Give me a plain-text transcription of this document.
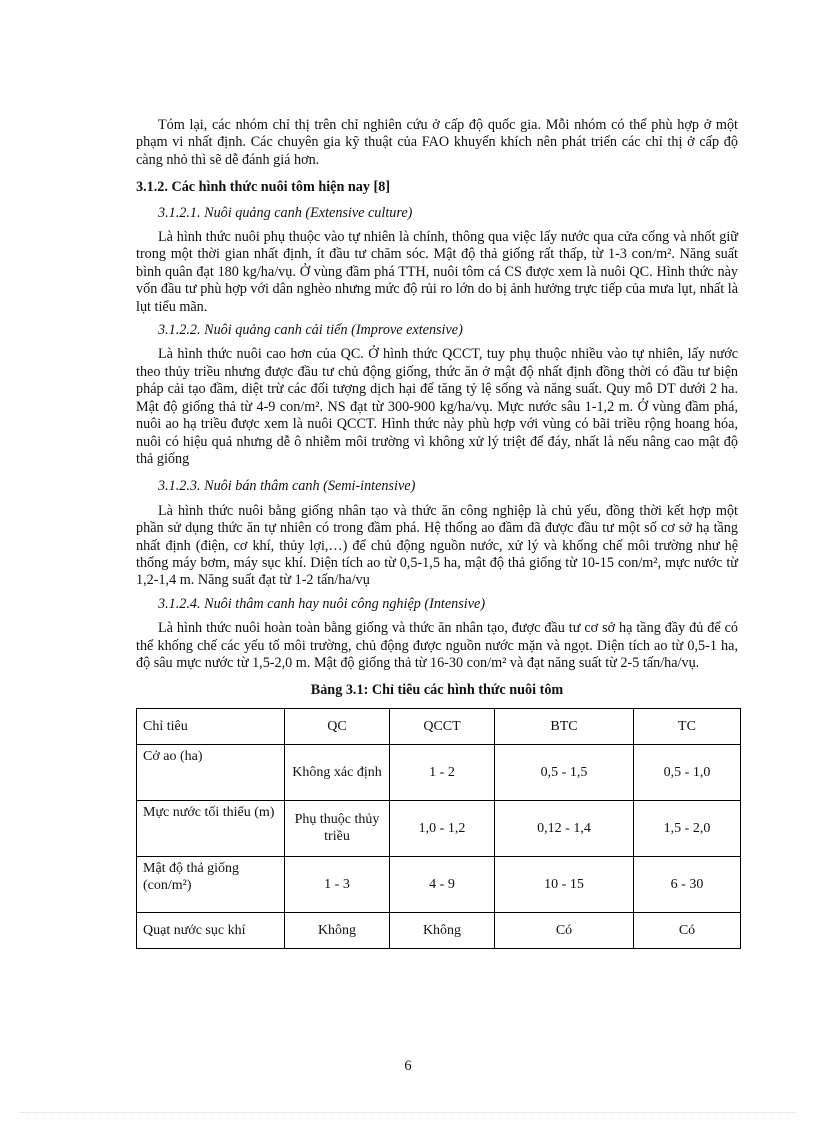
Tóm lại, các nhóm chỉ thị trên chỉ nghiên cứu ở cấp độ quốc gia. Mỗi nhóm có thể phù hợp ở một phạm vi nhất định. Các chuyên gia kỹ thuật của FAO khuyến khích nên phát triển các chỉ thị ở cấp độ càng nhỏ thì sẽ dễ đánh giá hơn.

3.1.2. Các hình thức nuôi tôm hiện nay [8]

3.1.2.1. Nuôi quảng canh (Extensive culture)

Là hình thức nuôi phụ thuộc vào tự nhiên là chính, thông qua việc lấy nước qua cửa cống và nhốt giữ trong một thời gian nhất định, ít đầu tư chăm sóc. Mật độ thả giống rất thấp, từ 1-3 con/m². Năng suất bình quân đạt 180 kg/ha/vụ. Ở vùng đầm phá TTH, nuôi tôm cá CS được xem là nuôi QC. Hình thức này vốn đầu tư phù hợp với dân nghèo nhưng mức độ rủi ro lớn do bị ảnh hưởng trực tiếp của mưa lụt, nhất là lụt tiểu mãn.

3.1.2.2. Nuôi quảng canh cải tiến (Improve extensive)

Là hình thức nuôi cao hơn của QC. Ở hình thức QCCT, tuy phụ thuộc nhiều vào tự nhiên, lấy nước theo thủy triều nhưng được đầu tư chủ động giống, thức ăn ở mật độ nhất định đồng thời có đầu tư biện pháp cải tạo đầm, diệt trừ các đối tượng dịch hại để tăng tỷ lệ sống và năng suất. Quy mô DT dưới 2 ha. Mật độ giống thả từ 4-9 con/m². NS đạt từ 300-900 kg/ha/vụ. Mực nước sâu 1-1,2 m. Ở vùng đầm phá, nuôi ao hạ triều được xem là nuôi QCCT. Hình thức này phù hợp với vùng có bãi triều rộng hoang hóa, nuôi có hiệu quả nhưng dễ ô nhiễm môi trường vì không xử lý triệt để đáy, nhất là nếu nâng cao mật độ thả giống

3.1.2.3. Nuôi bán thâm canh (Semi-intensive)

Là hình thức nuôi bằng giống nhân tạo và thức ăn công nghiệp là chủ yếu, đồng thời kết hợp một phần sử dụng thức ăn tự nhiên có trong đầm phá. Hệ thống ao đầm đã được đầu tư một số cơ sở hạ tầng nhất định (điện, cơ khí, thủy lợi,…) để chủ động nguồn nước, xử lý và khống chế môi trường như hệ thống máy bơm, máy sục khí. Diện tích ao từ 0,5-1,5 ha, mật độ thả giống từ 10-15 con/m², mực nước từ 1,2-1,4 m. Năng suất đạt từ 1-2 tấn/ha/vụ

3.1.2.4. Nuôi thâm canh hay nuôi công nghiệp (Intensive)

Là hình thức nuôi hoàn toàn bằng giống và thức ăn nhân tạo, được đầu tư cơ sở hạ tầng đầy đủ để có thể khống chế các yếu tố môi trường, chủ động được nguồn nước mặn và ngọt. Diện tích ao từ 0,5-1 ha, độ sâu mực nước từ 1,5-2,0 m. Mật độ giống thả từ 16-30 con/m² và đạt năng suất từ 2-5 tấn/ha/vụ.

Bảng 3.1: Chỉ tiêu các hình thức nuôi tôm

Chỉ tiêu	QC	QCCT	BTC	TC
Cở ao (ha)	Không xác định	1 - 2	0,5 - 1,5	0,5 - 1,0
Mực nước tối thiểu (m)	Phụ thuộc thủy triều	1,0 - 1,2	0,12 - 1,4	1,5 - 2,0
Mật độ thả giống (con/m²)	1 - 3	4 - 9	10 - 15	6 - 30
Quạt nước sục khí	Không	Không	Có	Có
6
